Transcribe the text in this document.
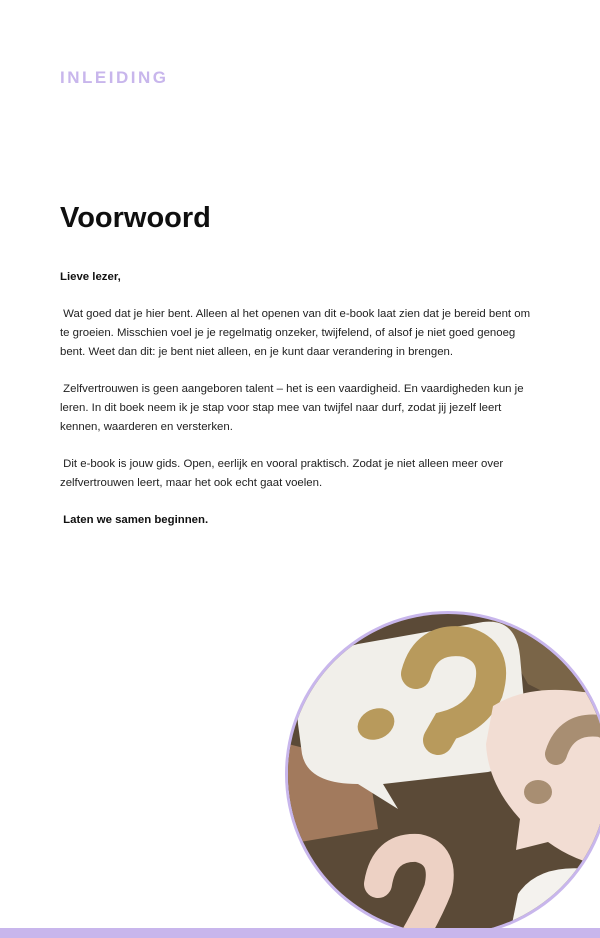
INLEIDING
Voorwoord

Lieve lezer,

Wat goed dat je hier bent. Alleen al het openen van dit e-book laat zien dat je bereid bent om te groeien. Misschien voel je je regelmatig onzeker, twijfelend, of alsof je niet goed genoeg bent. Weet dan dit: je bent niet alleen, en je kunt daar verandering in brengen.

Zelfvertrouwen is geen aangeboren talent – het is een vaardigheid. En vaardigheden kun je leren. In dit boek neem ik je stap voor stap mee van twijfel naar durf, zodat jij jezelf leert kennen, waarderen en versterken.

Dit e-book is jouw gids. Open, eerlijk en vooral praktisch. Zodat je niet alleen meer over zelfvertrouwen leert, maar het ook echt gaat voelen.

Laten we samen beginnen.
